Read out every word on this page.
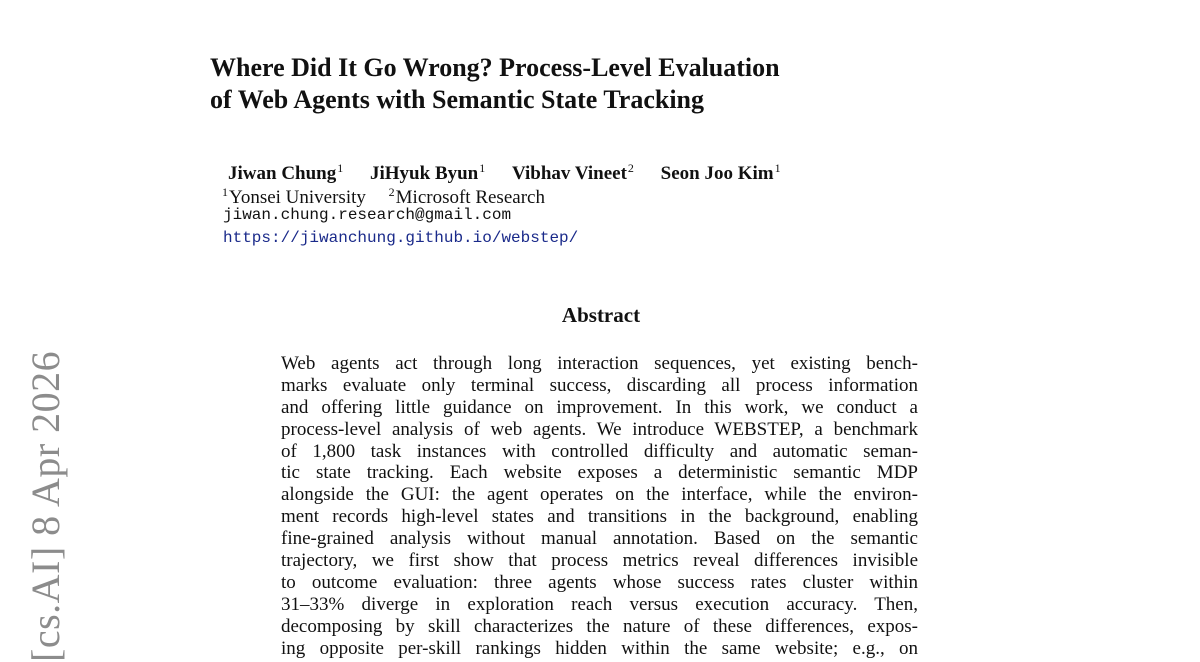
Where Did It Go Wrong? Process-Level Evaluation
of Web Agents with Semantic State Tracking
Jiwan Chung$^1$ JiHyuk Byun$^1$ Vibhav Vineet$^2$ Seon Joo Kim$^1$
$^1$Yonsei University $^2$Microsoft Research
jiwan.chung.research@gmail.com
https://jiwanchung.github.io/webstep/
Abstract
Web agents act through long interaction sequences, yet existing bench-
marks evaluate only terminal success, discarding all process information
and offering little guidance on improvement. In this work, we conduct a
process-level analysis of web agents. We introduce WEBSTEP, a benchmark
of 1,800 task instances with controlled difficulty and automatic seman-
tic state tracking. Each website exposes a deterministic semantic MDP
alongside the GUI: the agent operates on the interface, while the environ-
ment records high-level states and transitions in the background, enabling
fine-grained analysis without manual annotation. Based on the semantic
trajectory, we first show that process metrics reveal differences invisible
to outcome evaluation: three agents whose success rates cluster within
31–33% diverge in exploration reach versus execution accuracy. Then,
decomposing by skill characterizes the nature of these differences, expos-
ing opposite per-skill rankings hidden within the same website; e.g., on
[cs.AI] 8 Apr 2026
